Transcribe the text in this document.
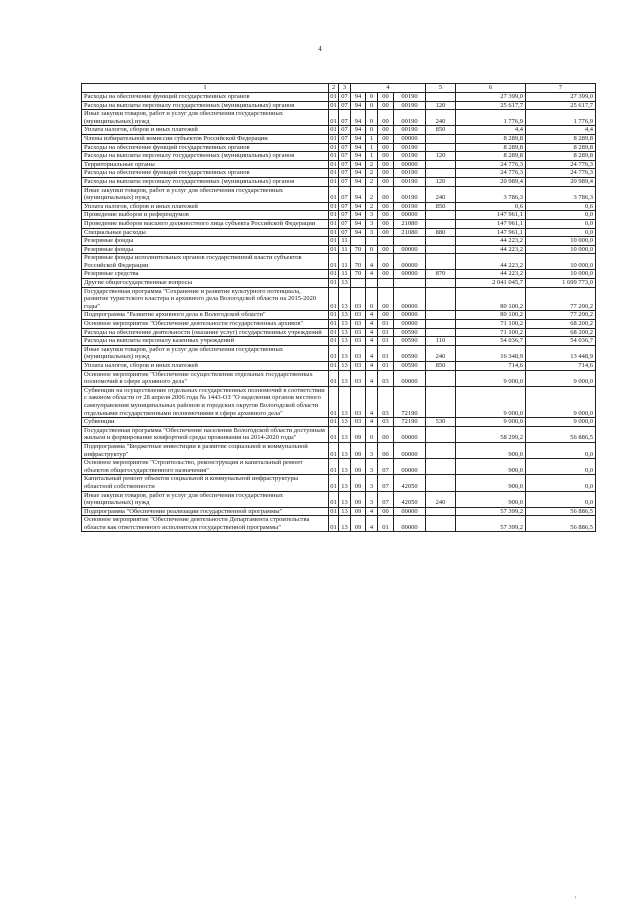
4
1	2	3	4				5	6	7
Расходы на обеспечение функций государственных органов	01	07	94	0	00	00190		27 399,0	27 399,0
Расходы на выплаты персоналу государственных (муниципальных) органов	01	07	94	0	00	00190	120	25 617,7	25 617,7
Иные закупки товаров, работ и услуг для обеспечения государственных (муниципальных) нужд	01	07	94	0	00	00190	240	1 776,9	1 776,9
Уплата налогов, сборов и иных платежей	01	07	94	0	00	00190	850	4,4	4,4
Члены избирательной комиссии субъектов Российской Федерации	01	07	94	1	00	00000		8 289,8	8 289,8
Расходы на обеспечение функций государственных органов	01	07	94	1	00	00190		8 289,8	8 289,8
Расходы на выплаты персоналу государственных (муниципальных) органов	01	07	94	1	00	00190	120	8 289,8	8 289,8
Территориальные органы	01	07	94	2	00	00000		24 776,3	24 776,3
Расходы на обеспечение функций государственных органов	01	07	94	2	00	00190		24 776,3	24 776,3
Расходы на выплаты персоналу государственных (муниципальных) органов	01	07	94	2	00	00190	120	20 989,4	20 989,4
Иные закупки товаров, работ и услуг для обеспечения государственных (муниципальных) нужд	01	07	94	2	00	00190	240	3 786,3	3 786,3
Уплата налогов, сборов и иных платежей	01	07	94	2	00	00190	850	0,6	0,6
Проведение выборов и референдумов	01	07	94	3	00	00000		147 961,1	0,0
Проведение выборов высшего должностного лица субъекта Российской Федерации	01	07	94	3	00	21080		147 961,1	0,0
Специальные расходы	01	07	94	3	00	21080	880	147 961,1	0,0
Резервные фонды	01	11						44 223,2	10 000,0
Резервные фонды	01	11	70	0	00	00000		44 223,2	10 000,0
Резервные фонды исполнительных органов государственной власти субъектов Российской Федерации	01	11	70	4	00	00000		44 223,2	10 000,0
Резервные средства	01	11	70	4	00	00000	870	44 223,2	10 000,0
Другие общегосударственные вопросы	01	13						2 041 045,7	1 699 773,0
Государственная программа "Сохранение и развитие культурного потенциала, развитие туристского кластера и архивного дела Вологодской области на 2015-2020 годы"	01	13	03	0	00	00000		80 100,2	77 200,2
Подпрограмма "Развитие архивного дела в Вологодской области"	01	13	03	4	00	00000		80 100,2	77 200,2
Основное мероприятие "Обеспечение деятельности государственных архивов"	01	13	03	4	01	00000		71 100,2	68 200,2
Расходы на обеспечение деятельности (оказание услуг) государственных учреждений	01	13	03	4	01	00590		71 100,2	68 200,2
Расходы на выплаты персоналу казенных учреждений	01	13	03	4	01	00590	110	54 036,7	54 036,7
Иные закупки товаров, работ и услуг для обеспечения государственных (муниципальных) нужд	01	13	03	4	01	00590	240	16 348,9	13 448,9
Уплата налогов, сборов и иных платежей	01	13	03	4	01	00590	850	714,6	714,6
Основное мероприятие "Обеспечение осуществления отдельных государственных полномочий в сфере архивного дела"	01	13	03	4	03	00000		9 000,0	9 000,0
Субвенции на осуществление отдельных государственных полномочий в соответствии с законом области от 28 апреля 2006 года № 1443-ОЗ "О наделении органов местного самоуправления муниципальных районов и городских округов Вологодской области отдельными государственными полномочиями в сфере архивного дела"	01	13	03	4	03	72190		9 000,0	9 000,0
Субвенции	01	13	03	4	03	72190	530	9 000,0	9 000,0
Государственная программа "Обеспечение населения Вологодской области доступным жильем и формирование комфортной среды проживания на 2014-2020 годы"	01	13	09	0	00	00000		58 299,2	56 886,5
Подпрограмма "Бюджетные инвестиции в развитие социальной и коммунальной инфраструктур"	01	13	09	3	00	00000		900,0	0,0
Основное мероприятие "Строительство, реконструкция и капитальный ремонт объектов общегосударственного назначения"	01	13	09	3	07	00000		900,0	0,0
Капитальный ремонт объектов социальной и коммунальной инфраструктуры областной собственности	01	13	09	3	07	42050		900,0	0,0
Иные закупки товаров, работ и услуг для обеспечения государственных (муниципальных) нужд	01	13	09	3	07	42050	240	900,0	0,0
Подпрограмма "Обеспечение реализации государственной программы"	01	13	09	4	00	00000		57 399,2	56 886,5
Основное мероприятие "Обеспечение деятельности Департамента строительства области как ответственного исполнителя государственной программы"	01	13	09	4	01	00000		57 399,2	56 886,5
,
